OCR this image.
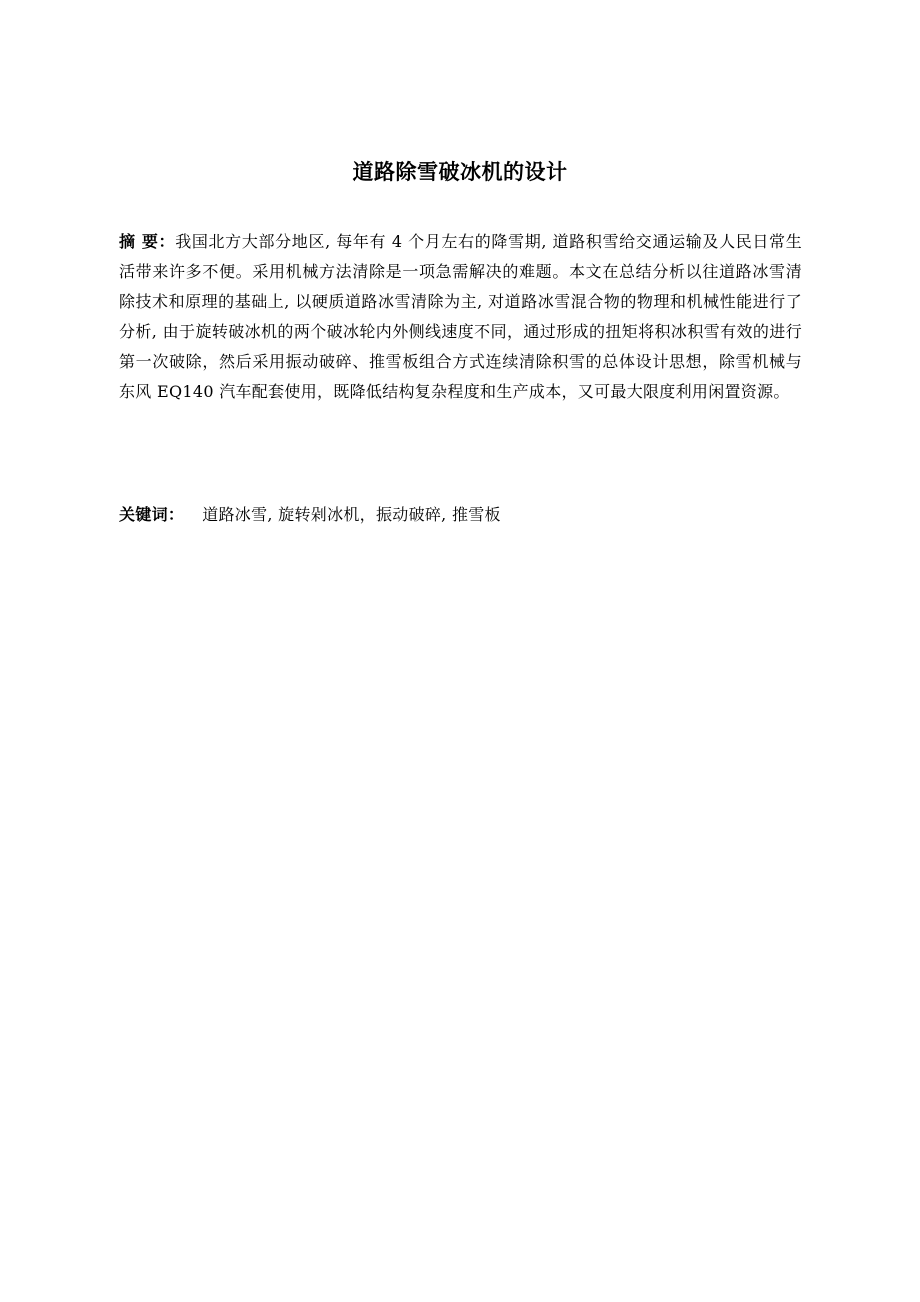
道路除雪破冰机的设计
摘 要：我国北方大部分地区, 每年有 4 个月左右的降雪期, 道路积雪给交通运输及人民日常生活带来许多不便。采用机械方法清除是一项急需解决的难题。本文在总结分析以往道路冰雪清除技术和原理的基础上, 以硬质道路冰雪清除为主, 对道路冰雪混合物的物理和机械性能进行了分析, 由于旋转破冰机的两个破冰轮内外侧线速度不同，通过形成的扭矩将积冰积雪有效的进行第一次破除，然后采用振动破碎、推雪板组合方式连续清除积雪的总体设计思想，除雪机械与东风 EQ140 汽车配套使用，既降低结构复杂程度和生产成本，又可最大限度利用闲置资源。
关键词： 道路冰雪, 旋转剁冰机，振动破碎, 推雪板
